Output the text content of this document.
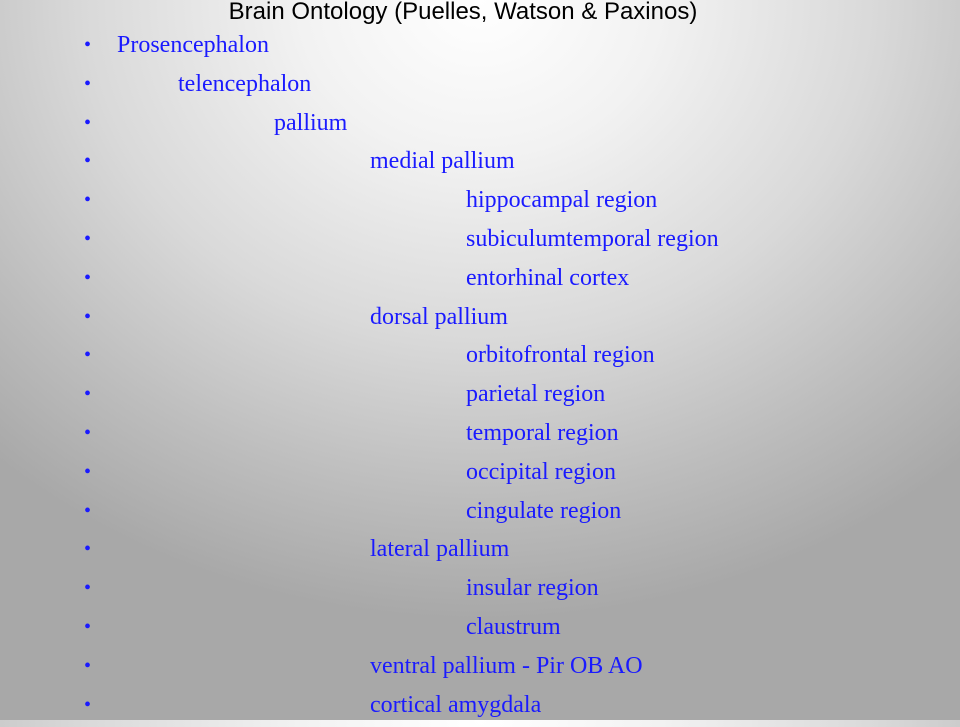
Brain Ontology (Puelles, Watson & Paxinos)
• Prosencephalon
•	telencephalon
•	pallium
•	medial pallium
•	hippocampal region
•	subiculumtemporal region
•	entorhinal cortex
•	dorsal pallium
•	orbitofrontal region
•	parietal region
•	temporal region
•	occipital region
•	cingulate region
•	lateral pallium
•	insular region
•	claustrum
•	ventral pallium - Pir OB AO
•	cortical amygdala
